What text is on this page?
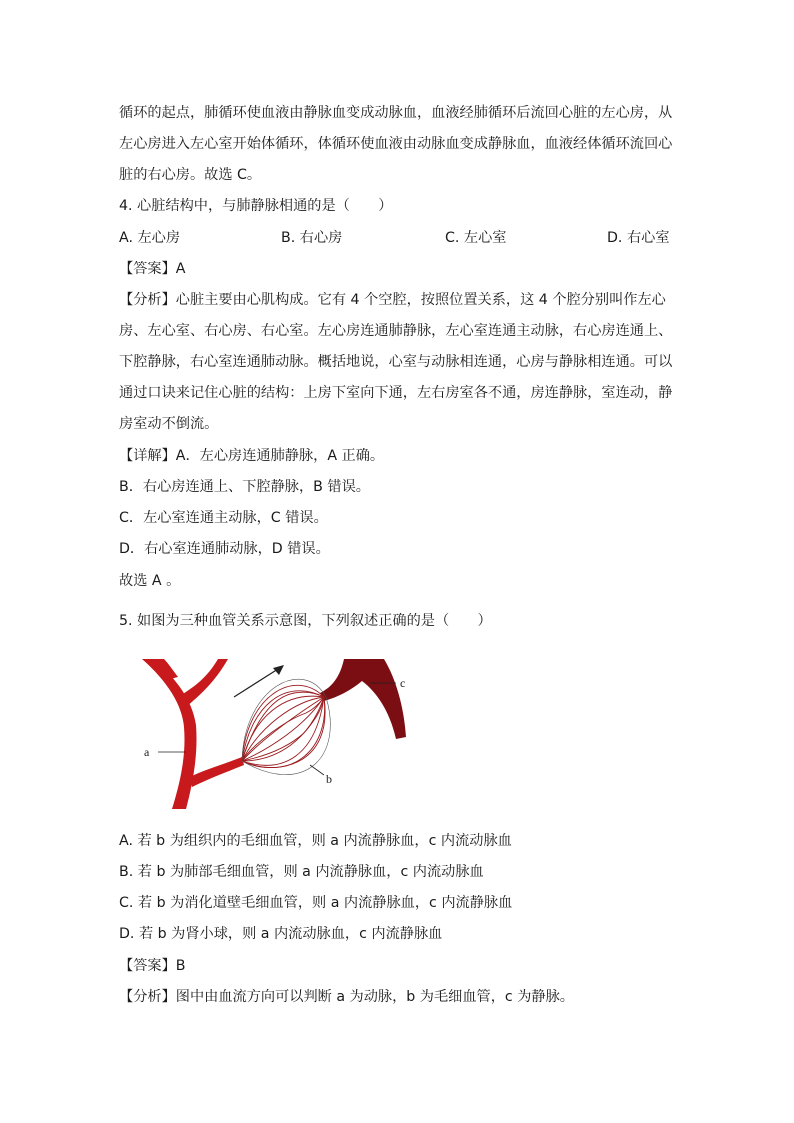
循环的起点，肺循环使血液由静脉血变成动脉血，血液经肺循环后流回心脏的左心房，从
左心房进入左心室开始体循环，体循环使血液由动脉血变成静脉血，血液经体循环流回心
脏的右心房。故选 C。
4. 心脏结构中，与肺静脉相通的是（　　）
A. 左心房	B. 右心房	C. 左心室	D. 右心室
【答案】A
【分析】心脏主要由心肌构成。它有 4 个空腔，按照位置关系，这 4 个腔分别叫作左心
房、左心室、右心房、右心室。左心房连通肺静脉，左心室连通主动脉，右心房连通上、
下腔静脉，右心室连通肺动脉。概括地说，心室与动脉相连通，心房与静脉相连通。可以
通过口诀来记住心脏的结构：上房下室向下通，左右房室各不通，房连静脉，室连动，静
房室动不倒流。
【详解】A．左心房连通肺静脉，A 正确。
B．右心房连通上、下腔静脉，B 错误。
C．左心室连通主动脉，C 错误。
D．右心室连通肺动脉，D 错误。
故选 A 。
5. 如图为三种血管关系示意图，下列叙述正确的是（　　）
a
b
c
A. 若 b 为组织内的毛细血管，则 a 内流静脉血，c 内流动脉血
B. 若 b 为肺部毛细血管，则 a 内流静脉血，c 内流动脉血
C. 若 b 为消化道壁毛细血管，则 a 内流静脉血，c 内流静脉血
D. 若 b 为肾小球，则 a 内流动脉血，c 内流静脉血
【答案】B
【分析】图中由血流方向可以判断 a 为动脉，b 为毛细血管，c 为静脉。
